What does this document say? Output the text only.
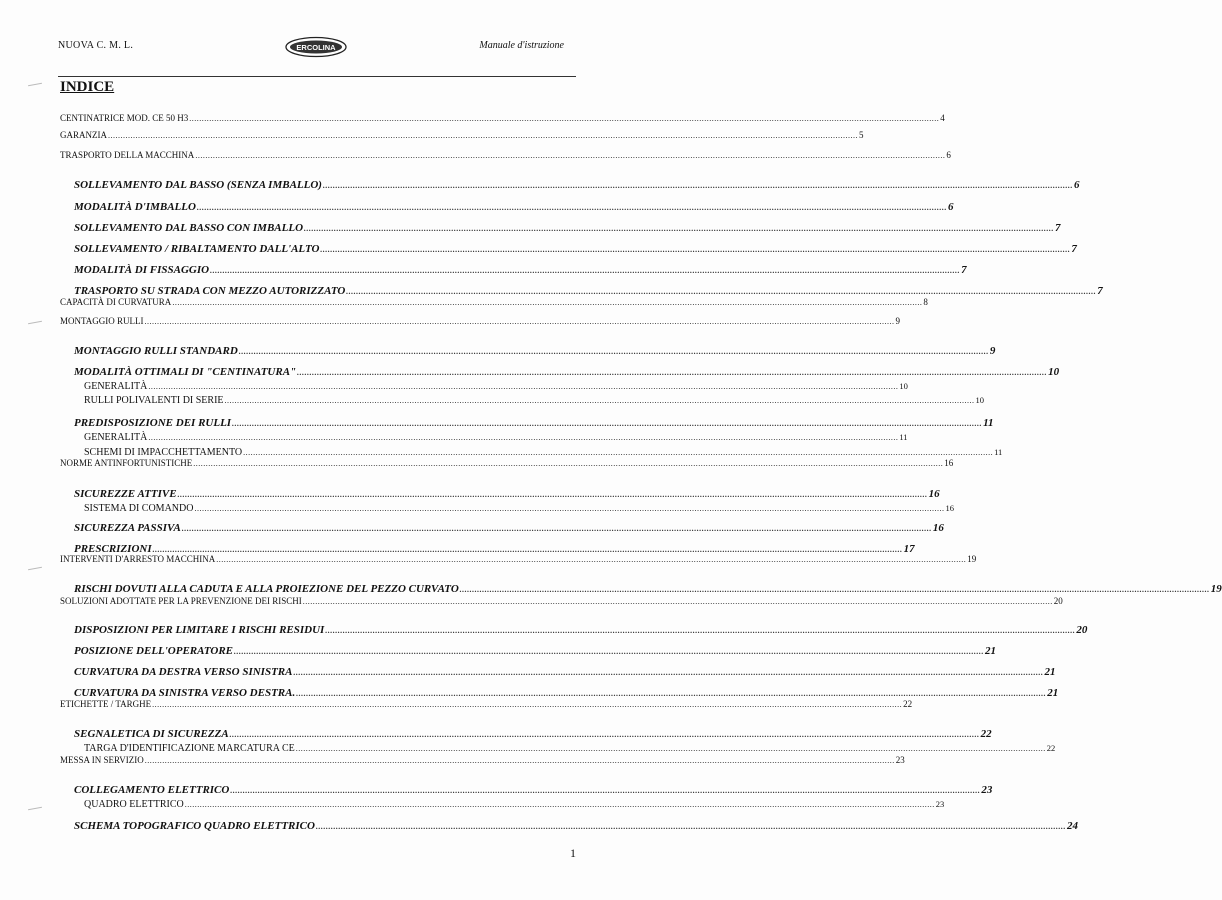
NUOVA C. M. L.	ERCOLINA	Manuale d'istruzione
INDICE
CENTINATRICE MOD. CE 50 H3 ............................................................................................................................................................................................................................................................................................................ 4
GARANZIA ............................................................................................................................................................................................................................................................................................................ 5
TRASPORTO DELLA MACCHINA ............................................................................................................................................................................................................................................................................................................ 6
SOLLEVAMENTO DAL BASSO (SENZA IMBALLO) ............................................................................................................................................................................................................................................................................................................ 6
MODALITÀ D'IMBALLO ............................................................................................................................................................................................................................................................................................................ 6
SOLLEVAMENTO DAL BASSO CON IMBALLO ............................................................................................................................................................................................................................................................................................................ 7
SOLLEVAMENTO / RIBALTAMENTO DALL'ALTO ............................................................................................................................................................................................................................................................................................................ 7
MODALITÀ DI FISSAGGIO ............................................................................................................................................................................................................................................................................................................ 7
TRASPORTO SU STRADA CON MEZZO AUTORIZZATO ............................................................................................................................................................................................................................................................................................................ 7
CAPACITÀ DI CURVATURA ............................................................................................................................................................................................................................................................................................................ 8
MONTAGGIO RULLI ............................................................................................................................................................................................................................................................................................................ 9
MONTAGGIO RULLI STANDARD ............................................................................................................................................................................................................................................................................................................ 9
MODALITÀ OTTIMALI DI "CENTINATURA" ............................................................................................................................................................................................................................................................................................................ 10
GENERALITÀ ............................................................................................................................................................................................................................................................................................................ 10
RULLI POLIVALENTI DI SERIE ............................................................................................................................................................................................................................................................................................................ 10
PREDISPOSIZIONE DEI RULLI ............................................................................................................................................................................................................................................................................................................ 11
GENERALITÀ ............................................................................................................................................................................................................................................................................................................ 11
SCHEMI DI IMPACCHETTAMENTO ............................................................................................................................................................................................................................................................................................................ 11
NORME ANTINFORTUNISTICHE ............................................................................................................................................................................................................................................................................................................ 16
SICUREZZE ATTIVE ............................................................................................................................................................................................................................................................................................................ 16
SISTEMA DI COMANDO ............................................................................................................................................................................................................................................................................................................ 16
SICUREZZA PASSIVA ............................................................................................................................................................................................................................................................................................................ 16
PRESCRIZIONI ............................................................................................................................................................................................................................................................................................................ 17
INTERVENTI D'ARRESTO MACCHINA ............................................................................................................................................................................................................................................................................................................ 19
RISCHI DOVUTI ALLA CADUTA E ALLA PROIEZIONE DEL PEZZO CURVATO ............................................................................................................................................................................................................................................................................................................ 19
SOLUZIONI ADOTTATE PER LA PREVENZIONE DEI RISCHI ............................................................................................................................................................................................................................................................................................................ 20
DISPOSIZIONI PER LIMITARE I RISCHI RESIDUI ............................................................................................................................................................................................................................................................................................................ 20
POSIZIONE DELL'OPERATORE ............................................................................................................................................................................................................................................................................................................ 21
CURVATURA DA DESTRA VERSO SINISTRA ............................................................................................................................................................................................................................................................................................................ 21
CURVATURA DA SINISTRA VERSO DESTRA. ............................................................................................................................................................................................................................................................................................................ 21
ETICHETTE / TARGHE ............................................................................................................................................................................................................................................................................................................ 22
SEGNALETICA DI SICUREZZA ............................................................................................................................................................................................................................................................................................................ 22
TARGA D'IDENTIFICAZIONE MARCATURA CE ............................................................................................................................................................................................................................................................................................................ 22
MESSA IN SERVIZIO ............................................................................................................................................................................................................................................................................................................ 23
COLLEGAMENTO ELETTRICO ............................................................................................................................................................................................................................................................................................................ 23
QUADRO ELETTRICO ............................................................................................................................................................................................................................................................................................................ 23
SCHEMA TOPOGRAFICO QUADRO ELETTRICO ............................................................................................................................................................................................................................................................................................................ 24
1
